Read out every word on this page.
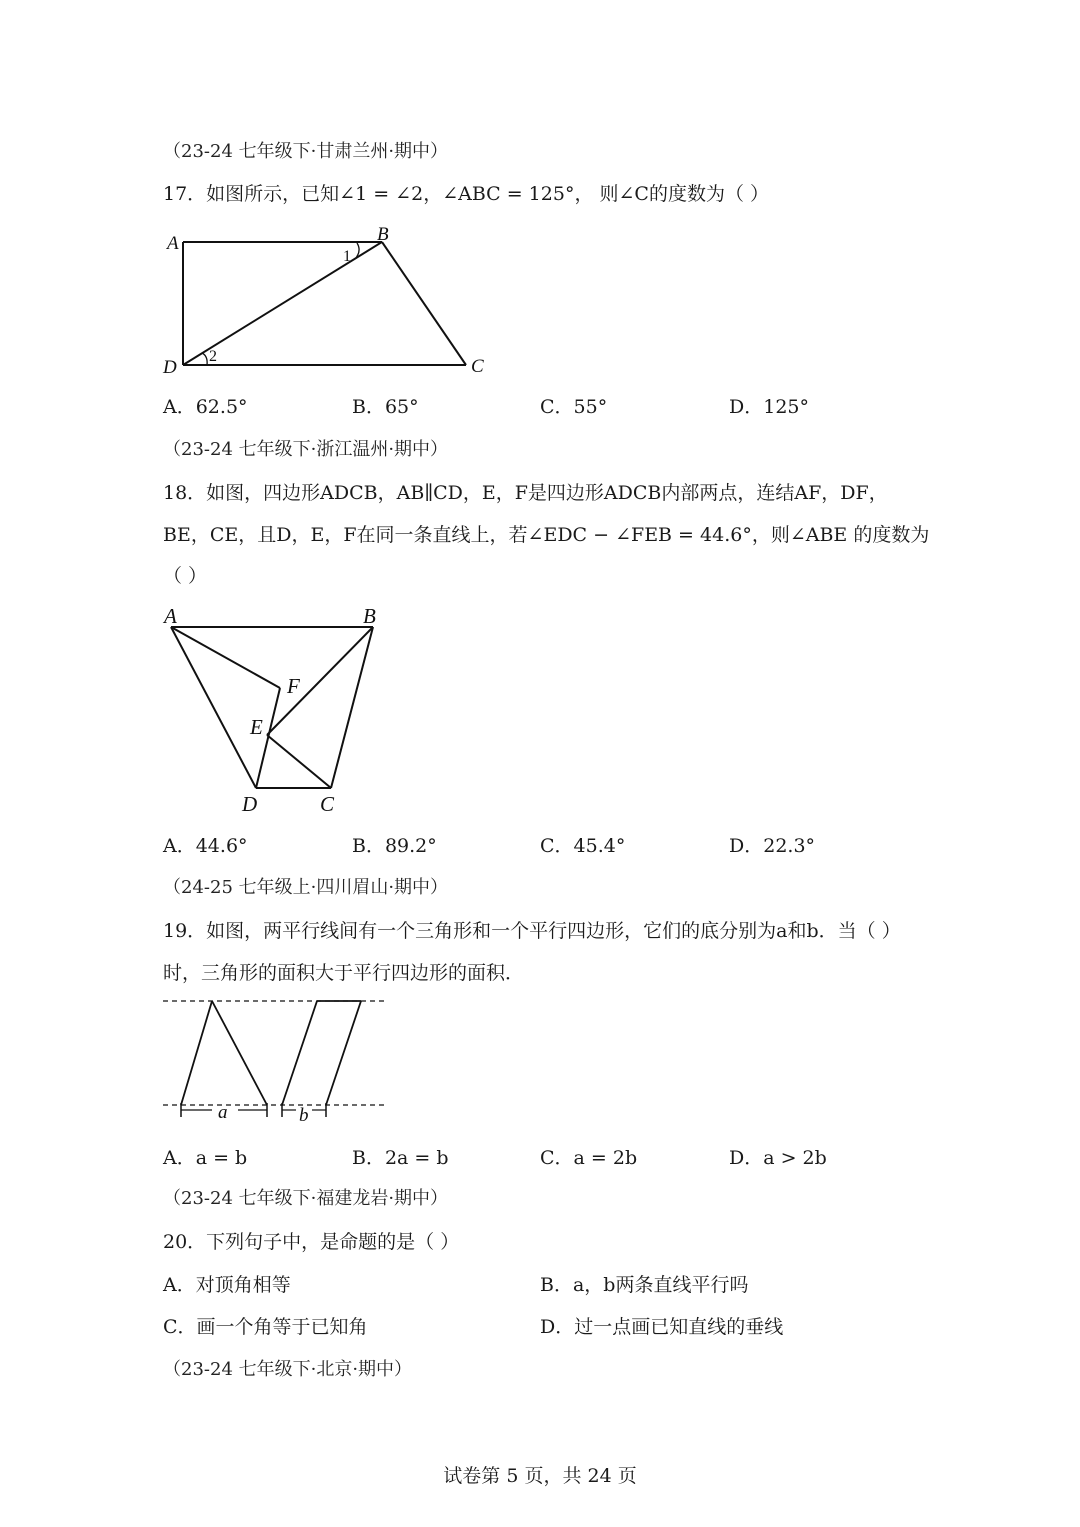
（23-24 七年级下·甘肃兰州·期中）
17．如图所示，已知∠1 = ∠2，∠ABC = 125°， 则∠C的度数为（ ）
A	B
C
D
1
2
A．62.5°	B．65°	C．55°	D．125°
（23-24 七年级下·浙江温州·期中）
18．如图，四边形ADCB，AB∥CD，E，F是四边形ADCB内部两点，连结AF，DF，
BE，CE，且D，E，F在同一条直线上，若∠EDC − ∠FEB = 44.6°，则∠ABE 的度数为
（ ）
A	B
F
E
D	C
A．44.6°	B．89.2°	C．45.4°	D．22.3°
（24-25 七年级上·四川眉山·期中）
19．如图，两平行线间有一个三角形和一个平行四边形，它们的底分别为a和b．当（ ）
时，三角形的面积大于平行四边形的面积．
a	b
A．a = b	B．2a = b	C．a = 2b	D．a > 2b
（23-24 七年级下·福建龙岩·期中）
20．下列句子中，是命题的是（ ）
A．对顶角相等	B．a，b两条直线平行吗
C．画一个角等于已知角	D．过一点画已知直线的垂线
（23-24 七年级下·北京·期中）
试卷第 5 页，共 24 页
